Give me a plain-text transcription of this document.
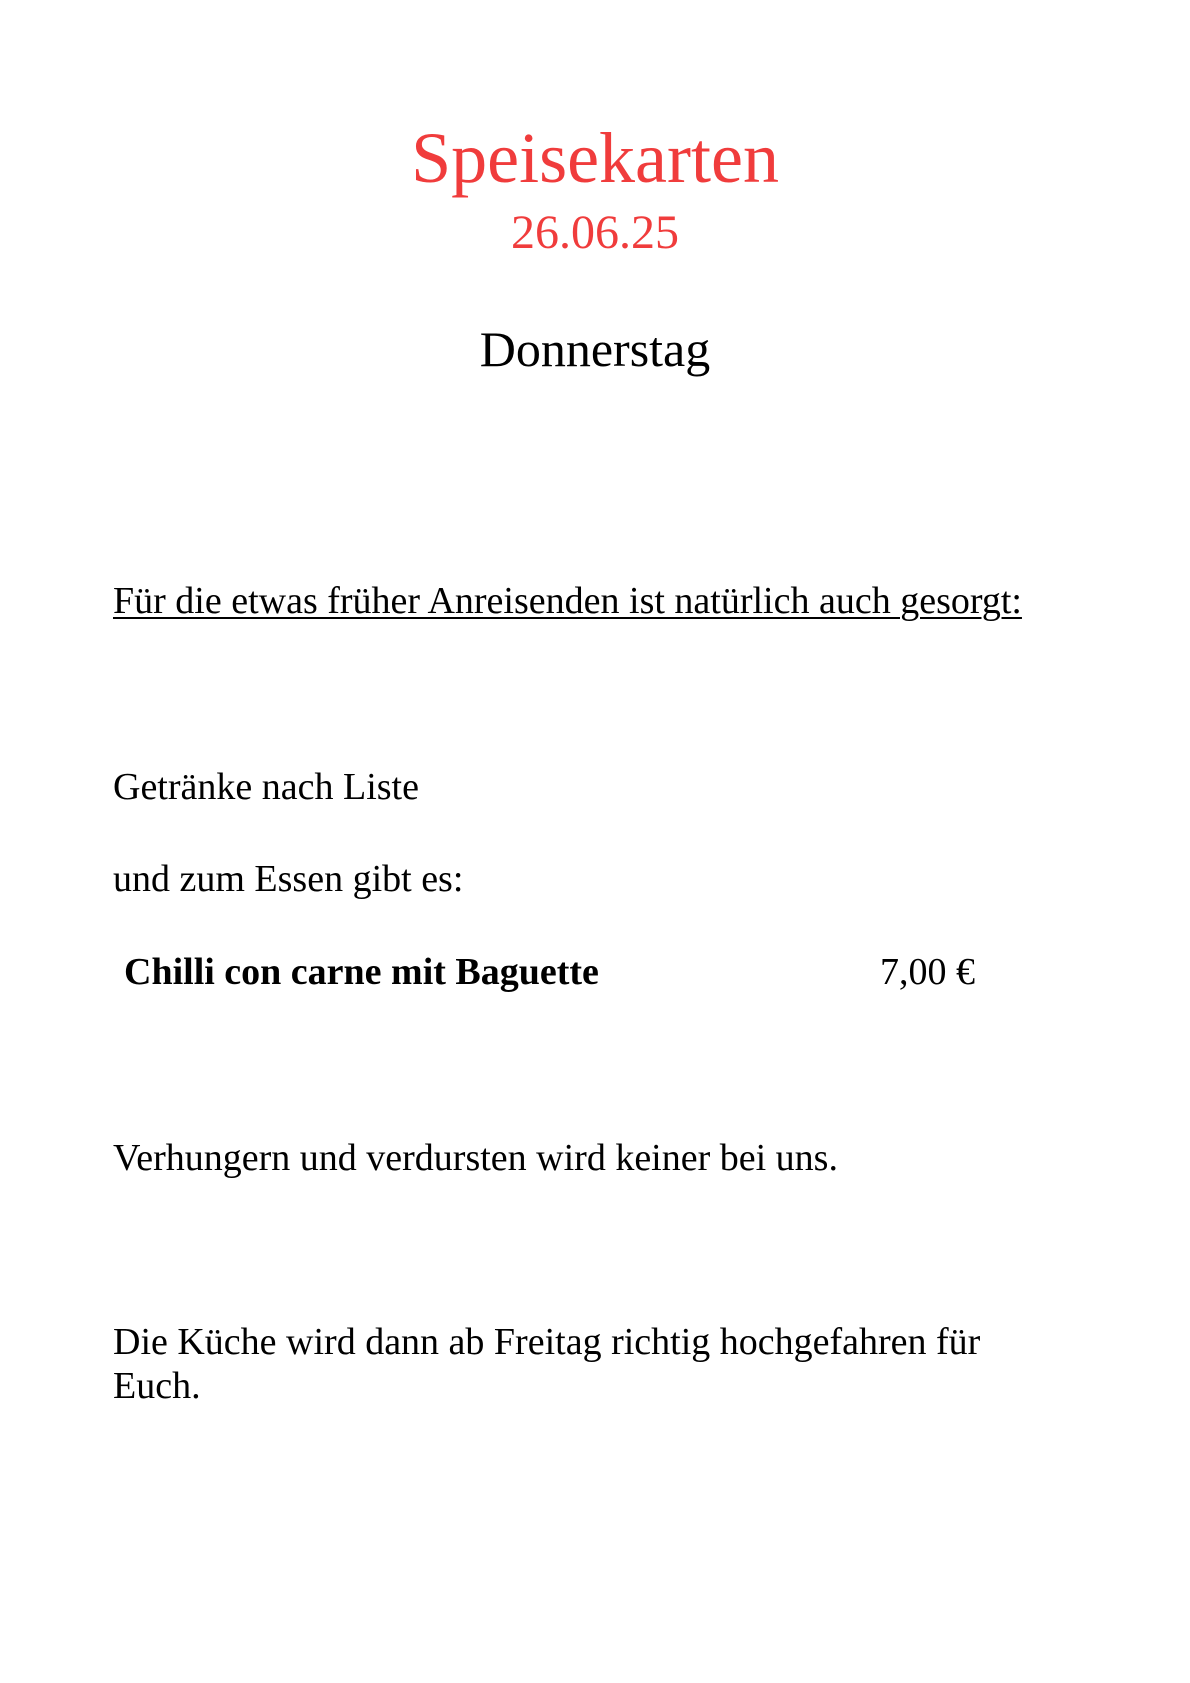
Speisekarten
26.06.25
Donnerstag
Für die etwas früher Anreisenden ist natürlich auch gesorgt:
Getränke nach Liste
und zum Essen gibt es:
Chilli con carne mit Baguette	7,00 €
Verhungern und verdursten wird keiner bei uns.
Die Küche wird dann ab Freitag richtig hochgefahren für Euch.
